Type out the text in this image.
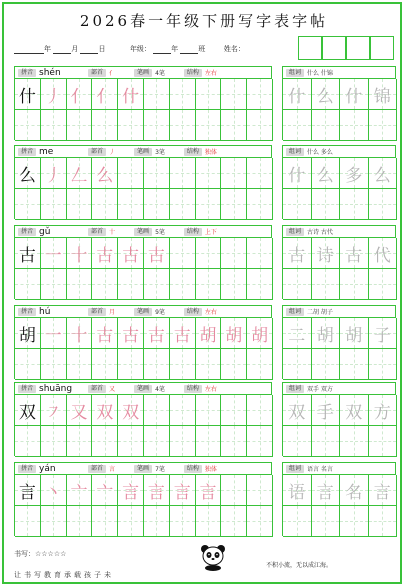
2026春一年级下册写字表字帖
年	月	日	年级：	年	班	姓名：
拼音 shén	部首	亻	笔画	4笔	结构	左右	组词	什么 什锦
什 丿 亻 亻 什	什 么 什 锦
拼音 me	部首	丿	笔画	3笔	结构	独体	组词	什么 多么
么 丿 𠃋 么	什 么 多 么
拼音 gǔ	部首	十	笔画	5笔	结构	上下	组词	古诗 古代
古 一 十 古 古 古	古 诗 古 代
拼音 hú	部首	月	笔画	9笔	结构	左右	组词	二胡 胡子
胡 一 十 古 古 古 古 胡 胡 胡	二 胡 胡 子
拼音 shuāng	部首	又	笔画	4笔	结构	左右	组词	双手 双方
双 ㇇ 又 双 双	双 手 双 方
拼音 yán	部首	言	笔画	7笔	结构	独体	组词	语言 名言
言 丶 亠 亠 言 言 言 言	语 言 名 言
书写：☆☆☆☆☆
让书写教育承载孩子未
不积小流，无以成江海。
